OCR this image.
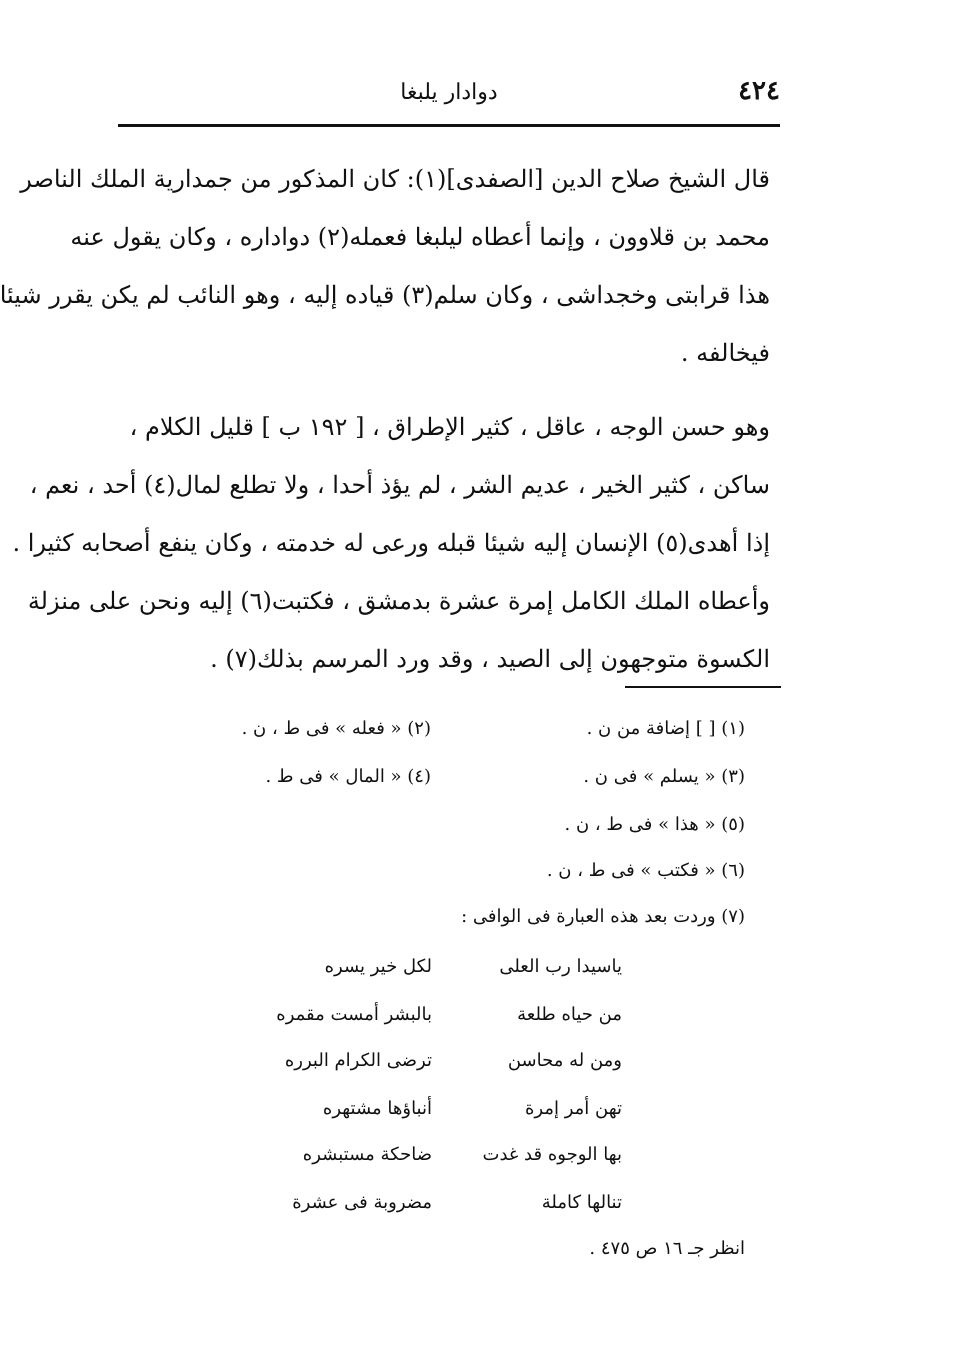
٤٢٤
دوادار يلبغا
قال الشيخ صلاح الدين [الصفدى](١): كان المذكور من جمدارية الملك الناصر
محمد بن قلاوون ، وإنما أعطاه ليلبغا فعمله(٢) دواداره ، وكان يقول عنه
هذا قرابتى وخجداشى ، وكان سلم(٣) قياده إليه ، وهو النائب لم يكن يقرر شيئا
فيخالفه .
وهو حسن الوجه ، عاقل ، كثير الإطراق ، [ ١٩٢ ب ] قليل الكلام ،
ساكن ، كثير الخير ، عديم الشر ، لم يؤذ أحدا ، ولا تطلع لمال(٤) أحد ، نعم ،
إذا أهدى(٥) الإنسان إليه شيئا قبله ورعى له خدمته ، وكان ينفع أصحابه كثيرا .
وأعطاه الملك الكامل إمرة عشرة بدمشق ، فكتبت(٦) إليه ونحن على منزلة
الكسوة متوجهون إلى الصيد ، وقد ورد المرسم بذلك(٧) .
(١) [ ] إضافة من ن .
(٢) « فعله » فى ط ، ن .
(٣) « يسلم » فى ن .
(٤) « المال » فى ط .
(٥) « هذا » فى ط ، ن .
(٦) « فكتب » فى ط ، ن .
(٧) وردت بعد هذه العبارة فى الوافى :
ياسيدا رب العلى
لكل خير يسره
من حياه طلعة
بالبشر أمست مقمره
ومن له محاسن
ترضى الكرام البرره
تهن أمر إمرة
أنباؤها مشتهره
بها الوجوه قد غدت
ضاحكة مستبشره
تنالها كاملة
مضروبة فى عشرة
انظر جـ ١٦ ص ٤٧٥ .
